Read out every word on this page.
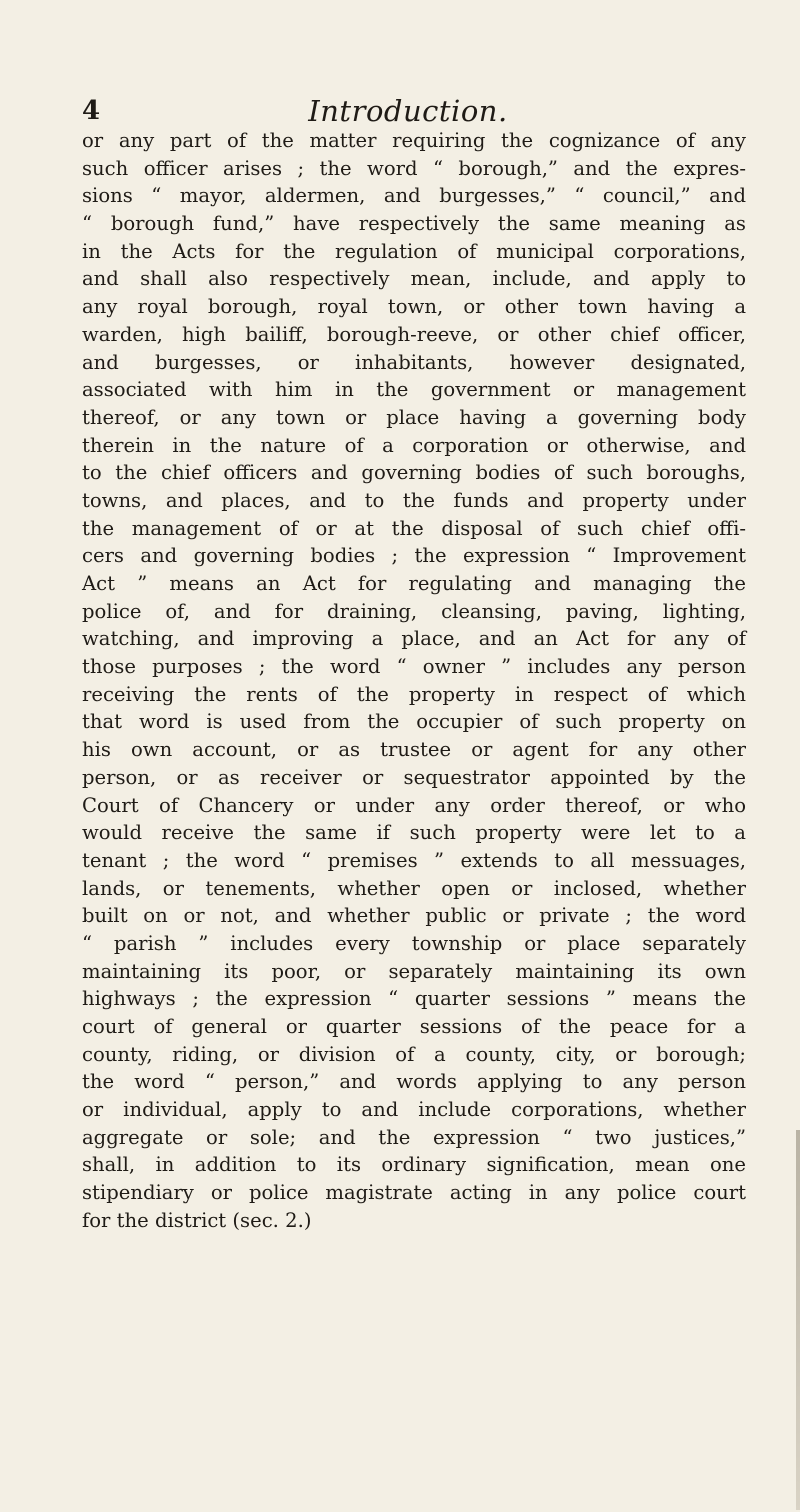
4	Introduction.
or any part of the matter requiring the cognizance of any
such officer arises ; the word “ borough,” and the expres-
sions “ mayor, aldermen, and burgesses,” “ council,” and
“ borough fund,” have respectively the same meaning as
in the Acts for the regulation of municipal corporations,
and shall also respectively mean, include, and apply to
any royal borough, royal town, or other town having a
warden, high bailiff, borough-reeve, or other chief officer,
and burgesses, or inhabitants, however designated,
associated with him in the government or management
thereof, or any town or place having a governing body
therein in the nature of a corporation or otherwise, and
to the chief officers and governing bodies of such boroughs,
towns, and places, and to the funds and property under
the management of or at the disposal of such chief offi-
cers and governing bodies ; the expression “ Improvement
Act ” means an Act for regulating and managing the
police of, and for draining, cleansing, paving, lighting,
watching, and improving a place, and an Act for any of
those purposes ; the word “ owner ” includes any person
receiving the rents of the property in respect of which
that word is used from the occupier of such property on
his own account, or as trustee or agent for any other
person, or as receiver or sequestrator appointed by the
Court of Chancery or under any order thereof, or who
would receive the same if such property were let to a
tenant ; the word “ premises ” extends to all messuages,
lands, or tenements, whether open or inclosed, whether
built on or not, and whether public or private ; the word
“ parish ” includes every township or place separately
maintaining its poor, or separately maintaining its own
highways ; the expression “ quarter sessions ” means the
court of general or quarter sessions of the peace for a
county, riding, or division of a county, city, or borough;
the word “ person,” and words applying to any person
or individual, apply to and include corporations, whether
aggregate or sole; and the expression “ two justices,”
shall, in addition to its ordinary signification, mean one
stipendiary or police magistrate acting in any police court
for the district (sec. 2.)
